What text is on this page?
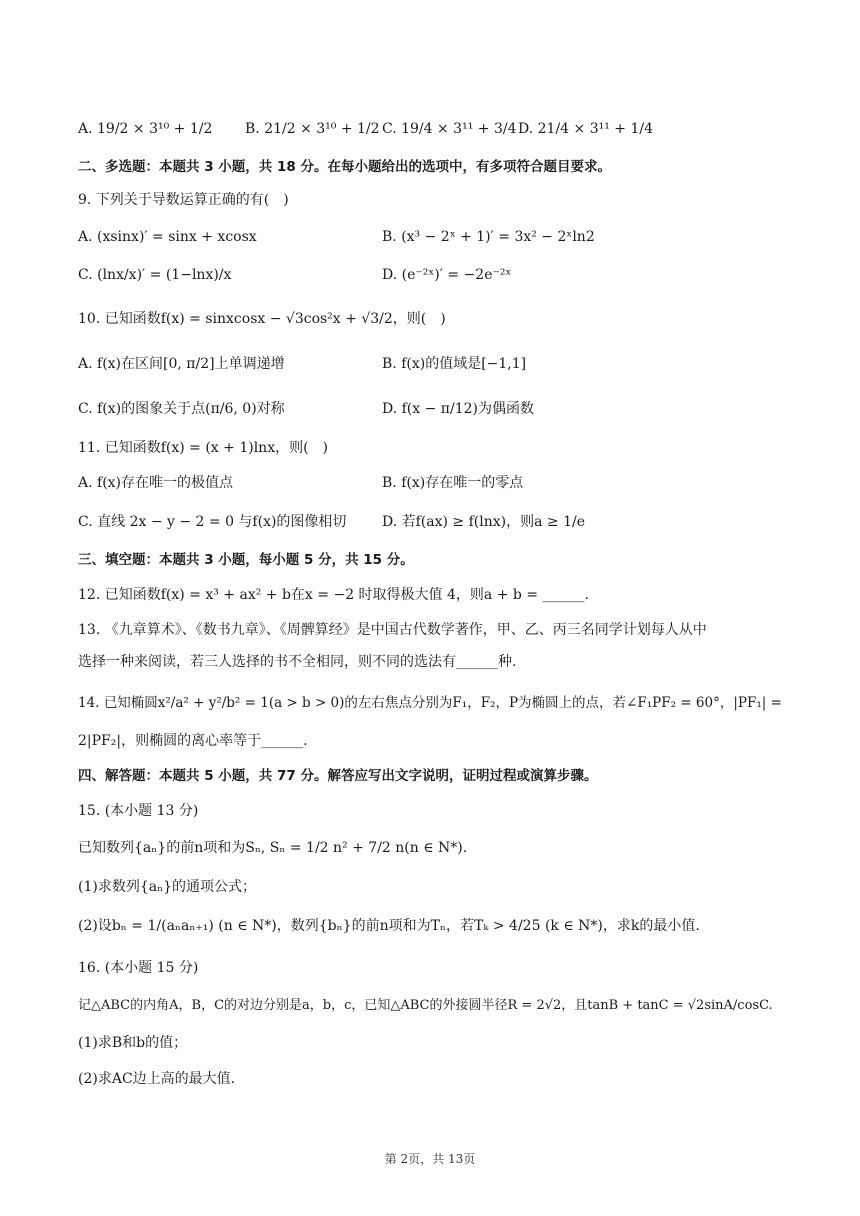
A. 19/2 × 3¹⁰ + 1/2 B. 21/2 × 3¹⁰ + 1/2 C. 19/4 × 3¹¹ + 3/4 D. 21/4 × 3¹¹ + 1/4
二、多选题：本题共 3 小题，共 18 分。在每小题给出的选项中，有多项符合题目要求。
9. 下列关于导数运算正确的有(　)
A. (xsinx)′ = sinx + xcosx	B. (x³ − 2ˣ + 1)′ = 3x² − 2ˣln2
C. (lnx/x)′ = (1−lnx)/x	D. (e⁻²ˣ)′ = −2e⁻²ˣ
10. 已知函数f(x) = sinxcosx − √3cos²x + √3/2，则(　)
A. f(x)在区间[0, π/2]上单调递增	B. f(x)的值域是[−1,1]
C. f(x)的图象关于点(π/6, 0)对称	D. f(x − π/12)为偶函数
11. 已知函数f(x) = (x + 1)lnx，则(　)
A. f(x)存在唯一的极值点	B. f(x)存在唯一的零点
C. 直线 2x − y − 2 = 0 与f(x)的图像相切	D. 若f(ax) ≥ f(lnx)，则a ≥ 1/e
三、填空题：本题共 3 小题，每小题 5 分，共 15 分。
12. 已知函数f(x) = x³ + ax² + b在x = −2 时取得极大值 4，则a + b = ______.
13. 《九章算术》、《数书九章》、《周髀算经》是中国古代数学著作，甲、乙、丙三名同学计划每人从中
选择一种来阅读，若三人选择的书不全相同，则不同的选法有______种.
14. 已知椭圆x²/a² + y²/b² = 1(a > b > 0)的左右焦点分别为F₁，F₂，P为椭圆上的点，若∠F₁PF₂ = 60°，|PF₁| =
2|PF₂|，则椭圆的离心率等于______.
四、解答题：本题共 5 小题，共 77 分。解答应写出文字说明，证明过程或演算步骤。
15. (本小题 13 分)
已知数列{aₙ}的前n项和为Sₙ, Sₙ = 1/2 n² + 7/2 n(n ∈ N*).
(1)求数列{aₙ}的通项公式；
(2)设bₙ = 1/(aₙaₙ₊₁) (n ∈ N*)，数列{bₙ}的前n项和为Tₙ，若Tₖ > 4/25 (k ∈ N*)，求k的最小值.
16. (本小题 15 分)
记△ABC的内角A，B，C的对边分别是a，b，c，已知△ABC的外接圆半径R = 2√2，且tanB + tanC = √2sinA/cosC.
(1)求B和b的值；
(2)求AC边上高的最大值.
第 2页，共 13页
